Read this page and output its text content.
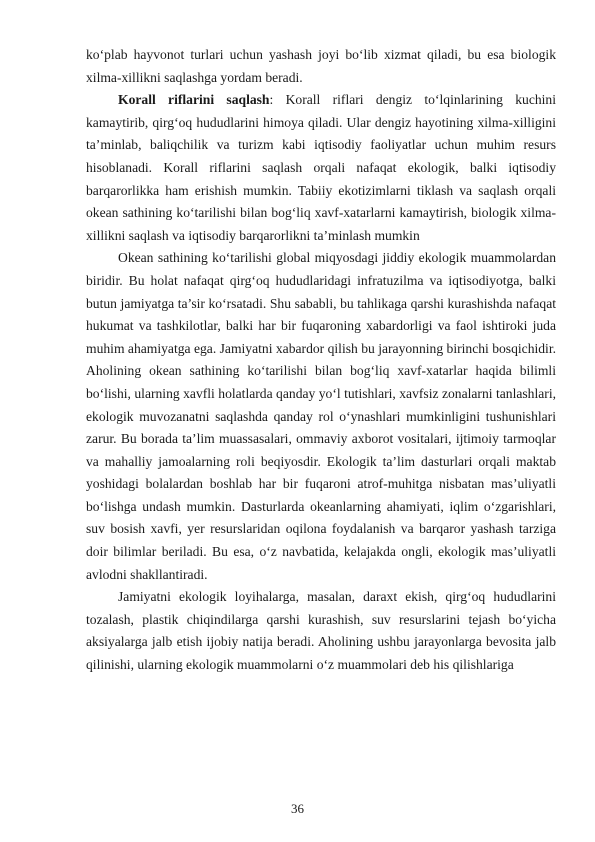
ko‘plab hayvonot turlari uchun yashash joyi bo‘lib xizmat qiladi, bu esa biologik xilma-xillikni saqlashga yordam beradi.

Korall riflarini saqlash: Korall riflari dengiz to‘lqinlarining kuchini kamaytirib, qirg‘oq hududlarini himoya qiladi. Ular dengiz hayotining xilma-xilligini ta’minlab, baliqchilik va turizm kabi iqtisodiy faoliyatlar uchun muhim resurs hisoblanadi. Korall riflarini saqlash orqali nafaqat ekologik, balki iqtisodiy barqarorlikka ham erishish mumkin. Tabiiy ekotizimlarni tiklash va saqlash orqali okean sathining ko‘tarilishi bilan bog‘liq xavf-xatarlarni kamaytirish, biologik xilma-xillikni saqlash va iqtisodiy barqarorlikni ta’minlash mumkin

Okean sathining ko‘tarilishi global miqyosdagi jiddiy ekologik muammolardan biridir. Bu holat nafaqat qirg‘oq hududlaridagi infratuzilma va iqtisodiyotga, balki butun jamiyatga ta’sir ko‘rsatadi. Shu sababli, bu tahlikaga qarshi kurashishda nafaqat hukumat va tashkilotlar, balki har bir fuqaroning xabardorligi va faol ishtiroki juda muhim ahamiyatga ega. Jamiyatni xabardor qilish bu jarayonning birinchi bosqichidir. Aholining okean sathining ko‘tarilishi bilan bog‘liq xavf-xatarlar haqida bilimli bo‘lishi, ularning xavfli holatlarda qanday yo‘l tutishlari, xavfsiz zonalarni tanlashlari, ekologik muvozanatni saqlashda qanday rol o‘ynashlari mumkinligini tushunishlari zarur. Bu borada ta’lim muassasalari, ommaviy axborot vositalari, ijtimoiy tarmoqlar va mahalliy jamoalarning roli beqiyosdir. Ekologik ta’lim dasturlari orqali maktab yoshidagi bolalardan boshlab har bir fuqaroni atrof-muhitga nisbatan mas’uliyatli bo‘lishga undash mumkin. Dasturlarda okeanlarning ahamiyati, iqlim o‘zgarishlari, suv bosish xavfi, yer resurslaridan oqilona foydalanish va barqaror yashash tarziga doir bilimlar beriladi. Bu esa, o‘z navbatida, kelajakda ongli, ekologik mas’uliyatli avlodni shakllantiradi.

Jamiyatni ekologik loyihalarga, masalan, daraxt ekish, qirg‘oq hududlarini tozalash, plastik chiqindilarga qarshi kurashish, suv resurslarini tejash bo‘yicha aksiyalarga jalb etish ijobiy natija beradi. Aholining ushbu jarayonlarga bevosita jalb qilinishi, ularning ekologik muammolarni o‘z muammolari deb his qilishlariga

36
